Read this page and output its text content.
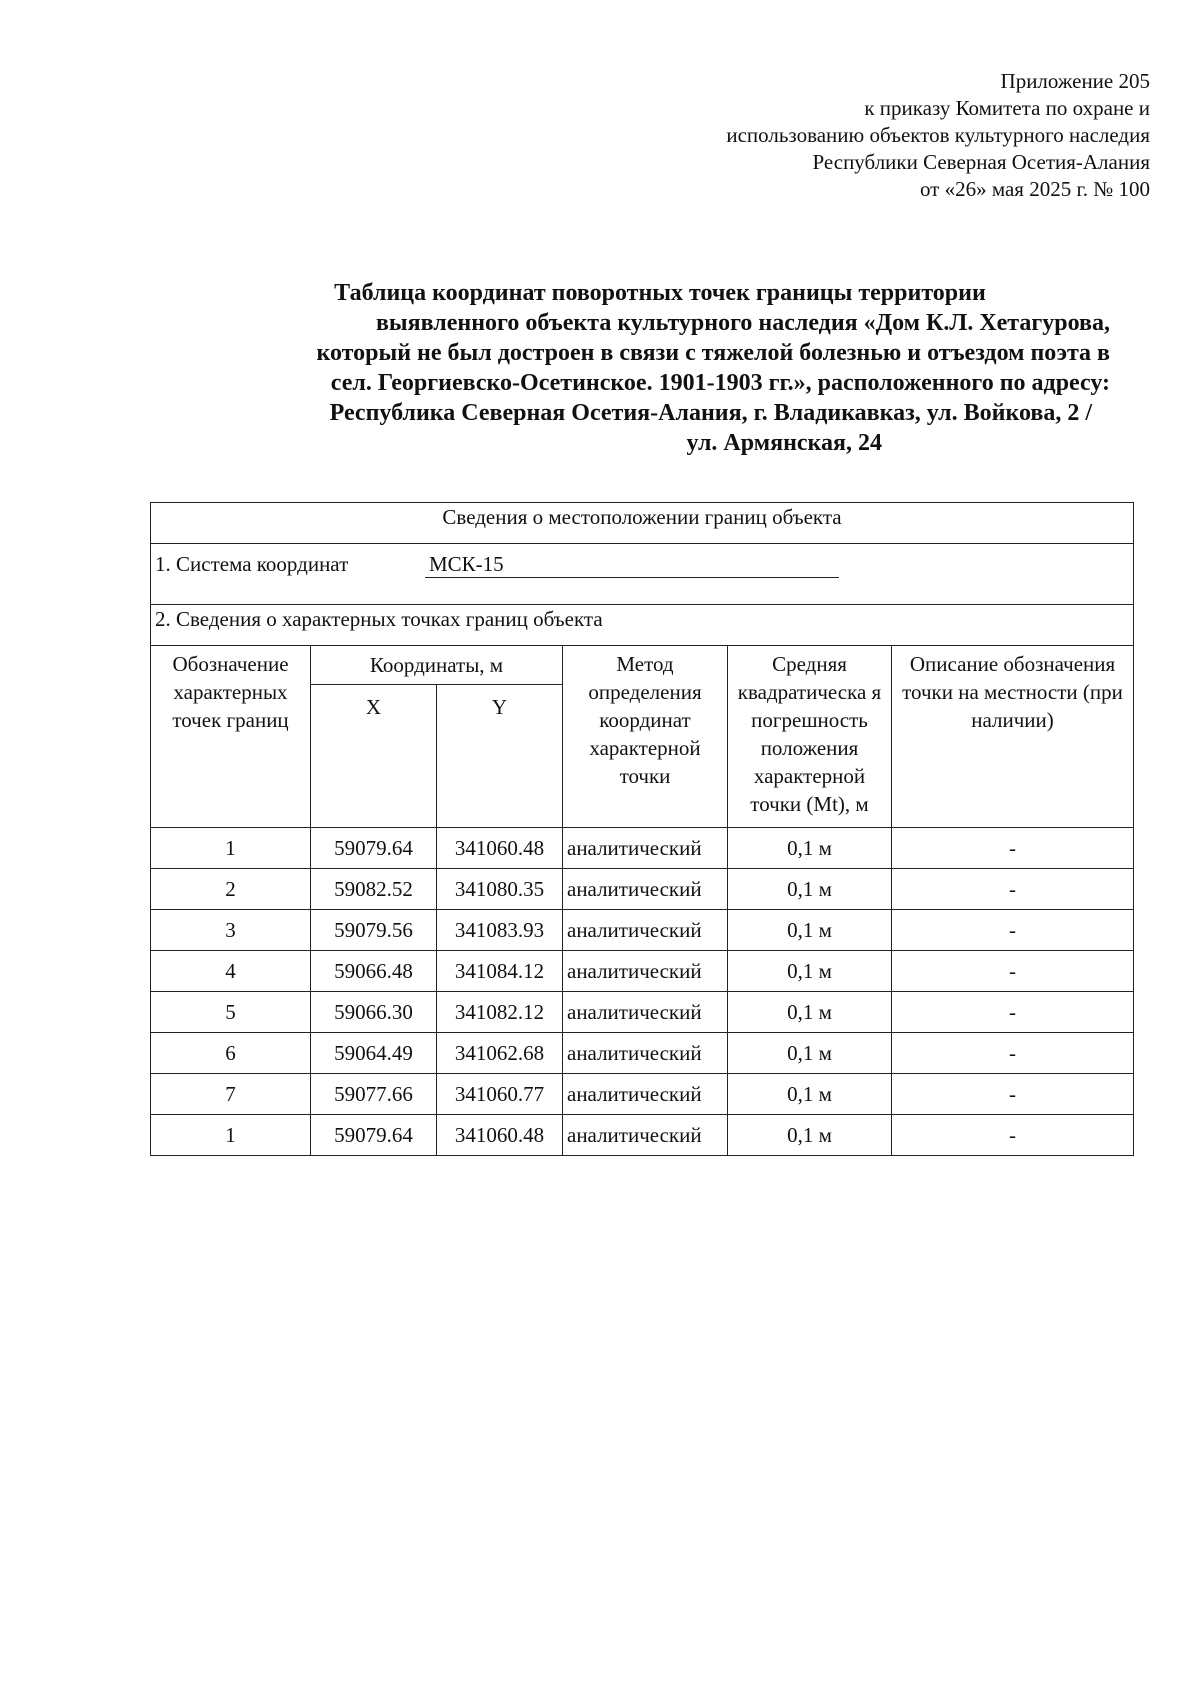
Приложение 205
к приказу Комитета по охране и
использованию объектов культурного наследия
Республики Северная Осетия-Алания
от «26» мая 2025 г. № 100
Таблица координат поворотных точек границы территории
выявленного объекта культурного наследия «Дом К.Л. Хетагурова,
который не был достроен в связи с тяжелой болезнью и отъездом поэта в
сел. Георгиевско-Осетинское. 1901-1903 гг.», расположенного по адресу:
Республика Северная Осетия-Алания, г. Владикавказ, ул. Войкова, 2 /
ул. Армянская, 24
Сведения о местоположении границ объекта					
1. Система координат МСК-15					
2. Сведения о характерных точках границ объекта					
Обозначение характерных точек границ	Координаты, м		Метод определения координат характерной точки	Средняя квадратическа я погрешность положения характерной точки (Mt), м	Описание обозначения точки на местности (при наличии)
	X	Y			
1	59079.64	341060.48	аналитический	0,1 м	-
2	59082.52	341080.35	аналитический	0,1 м	-
3	59079.56	341083.93	аналитический	0,1 м	-
4	59066.48	341084.12	аналитический	0,1 м	-
5	59066.30	341082.12	аналитический	0,1 м	-
6	59064.49	341062.68	аналитический	0,1 м	-
7	59077.66	341060.77	аналитический	0,1 м	-
1	59079.64	341060.48	аналитический	0,1 м	-
